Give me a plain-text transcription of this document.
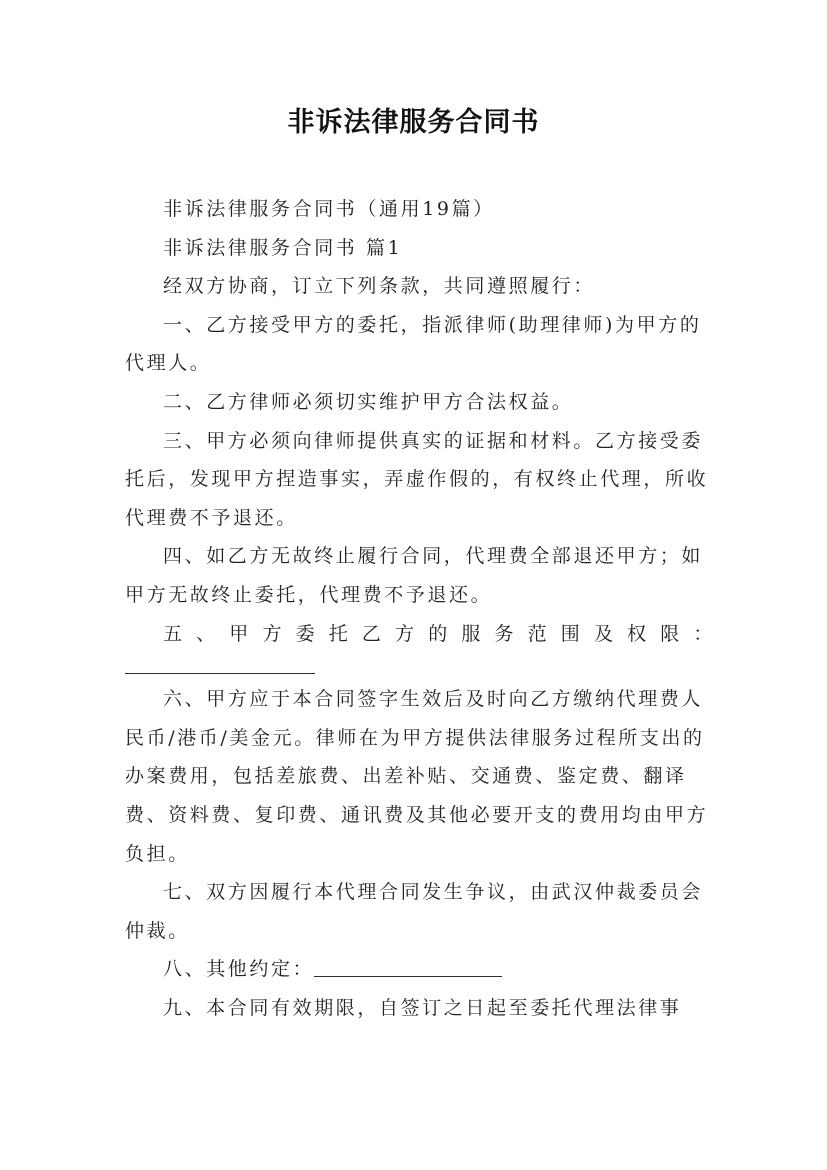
非诉法律服务合同书

非诉法律服务合同书（通用19篇）

非诉法律服务合同书 篇1

经双方协商，订立下列条款，共同遵照履行：

一、乙方接受甲方的委托，指派律师(助理律师)为甲方的代理人。

二、乙方律师必须切实维护甲方合法权益。

三、甲方必须向律师提供真实的证据和材料。乙方接受委托后，发现甲方捏造事实，弄虚作假的，有权终止代理，所收代理费不予退还。

四、如乙方无故终止履行合同，代理费全部退还甲方；如甲方无故终止委托，代理费不予退还。

五、甲方委托乙方的服务范围及权限：

六、甲方应于本合同签字生效后及时向乙方缴纳代理费人民币/港币/美金元。律师在为甲方提供法律服务过程所支出的办案费用，包括差旅费、出差补贴、交通费、鉴定费、翻译费、资料费、复印费、通讯费及其他必要开支的费用均由甲方负担。

七、双方因履行本代理合同发生争议，由武汉仲裁委员会仲裁。

八、其他约定：

九、本合同有效期限，自签订之日起至委托代理法律事
